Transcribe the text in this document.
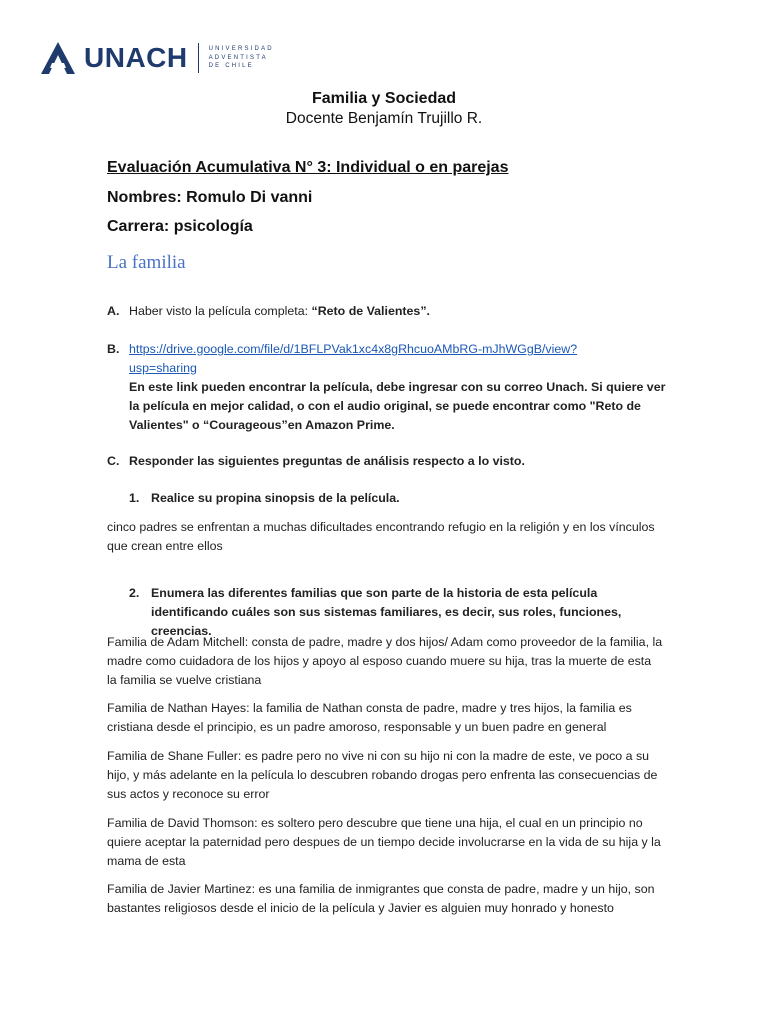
UNACH	UNIVERSIDAD
ADVENTISTA
DE CHILE
Familia y Sociedad
Docente Benjamín Trujillo R.
Evaluación Acumulativa N° 3: Individual o en parejas
Nombres: Romulo Di vanni
Carrera: psicología
La familia
A. Haber visto la película completa: “Reto de Valientes”.
B. https://drive.google.com/file/d/1BFLPVak1xc4x8gRhcuoAMbRG-mJhWGgB/view?
usp=sharing
En este link pueden encontrar la película, debe ingresar con su correo Unach. Si quiere ver la película en mejor calidad, o con el audio original, se puede encontrar como "Reto de Valientes" o “Courageous”en Amazon Prime.
C. Responder las siguientes preguntas de análisis respecto a lo visto.
1. Realice su propina sinopsis de la película.
cinco padres se enfrentan a muchas dificultades encontrando refugio en la religión y en los vínculos que crean entre ellos
2. Enumera las diferentes familias que son parte de la historia de esta película identificando cuáles son sus sistemas familiares, es decir, sus roles, funciones, creencias.
Familia de Adam Mitchell: consta de padre, madre y dos hijos/ Adam como proveedor de la familia, la madre como cuidadora de los hijos y apoyo al esposo cuando muere su hija, tras la muerte de esta la familia se vuelve cristiana
Familia de Nathan Hayes: la familia de Nathan consta de padre, madre y tres hijos, la familia es cristiana desde el principio, es un padre amoroso, responsable y un buen padre en general
Familia de Shane Fuller: es padre pero no vive ni con su hijo ni con la madre de este, ve poco a su hijo, y más adelante en la película lo descubren robando drogas pero enfrenta las consecuencias de sus actos y reconoce su error
Familia de David Thomson: es soltero pero descubre que tiene una hija, el cual en un principio no quiere aceptar la paternidad pero despues de un tiempo decide involucrarse en la vida de su hija y la mama de esta
Familia de Javier Martinez: es una familia de inmigrantes que consta de padre, madre y un hijo, son bastantes religiosos desde el inicio de la película y Javier es alguien muy honrado y honesto
